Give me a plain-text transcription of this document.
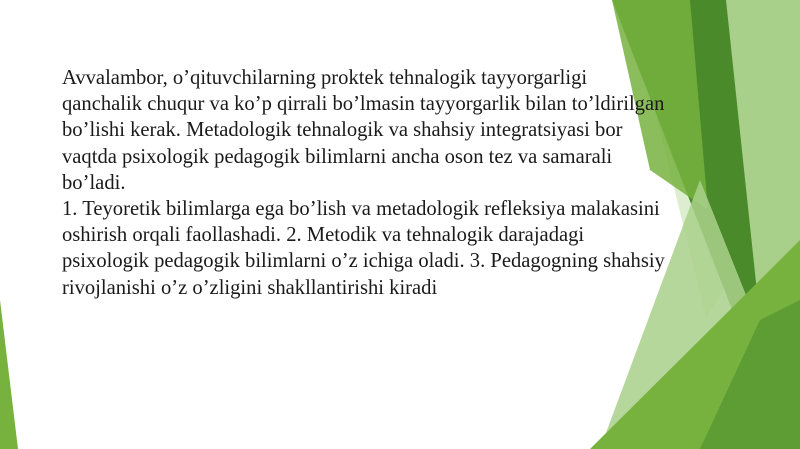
Avvalambor, o’qituvchilarning proktek tehnalogik tayyorgarligi qanchalik chuqur va ko’p qirrali bo’lmasin tayyorgarlik bilan to’ldirilgan bo’lishi kerak. Metadologik tehnalogik va shahsiy integratsiyasi bor vaqtda psixologik pedagogik bilimlarni ancha oson tez va samarali bo’ladi.

1. Teyoretik bilimlarga ega bo’lish va metadologik refleksiya malakasini oshirish orqali faollashadi. 2. Metodik va tehnalogik darajadagi psixologik pedagogik bilimlarni o’z ichiga oladi. 3. Pedagogning shahsiy rivojlanishi o’z o’zligini shakllantirishi kiradi
